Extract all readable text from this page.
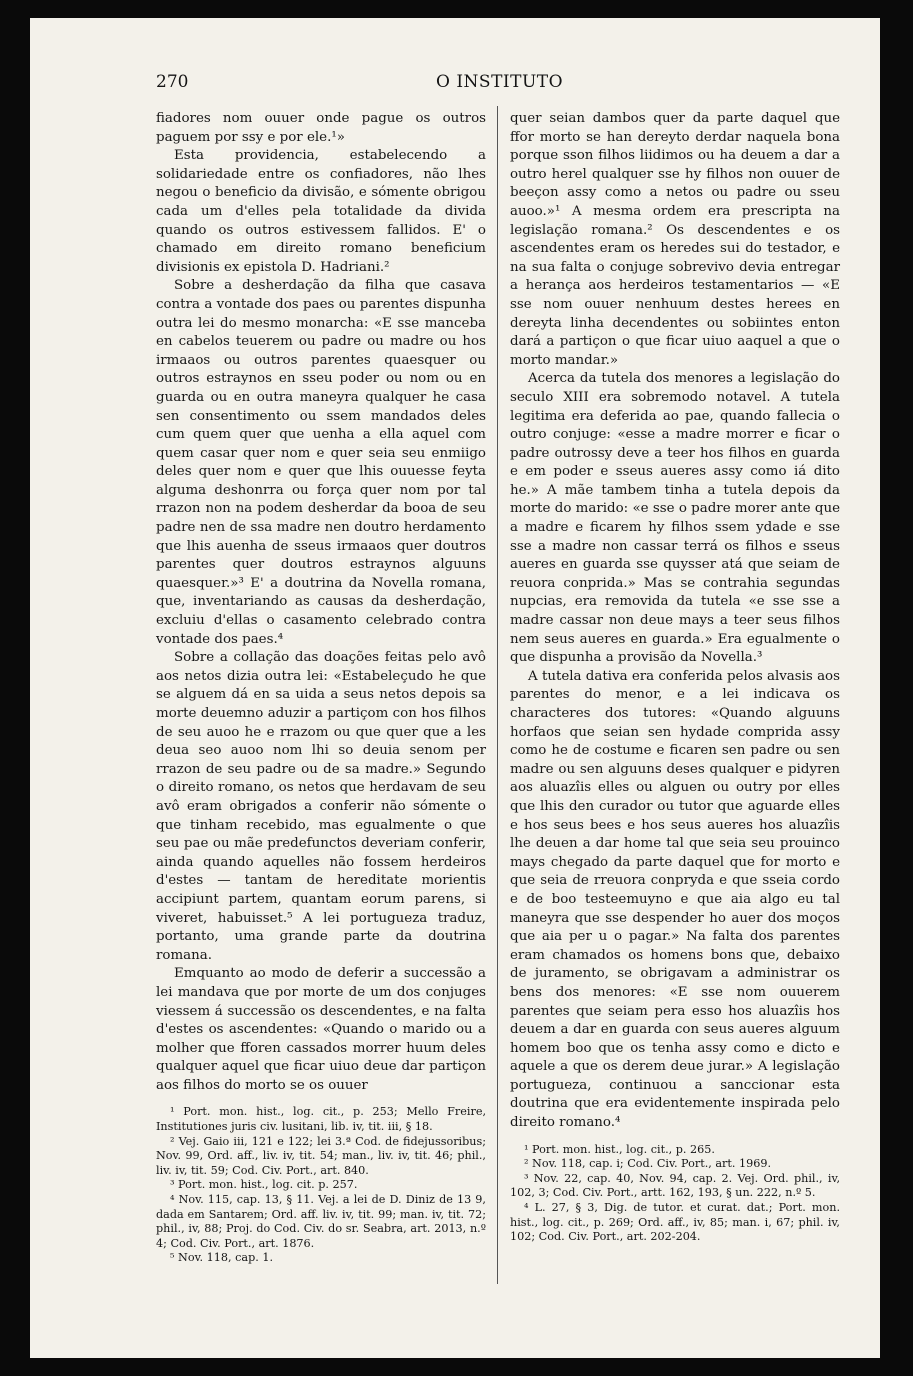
270	O INSTITUTO

fiadores nom ouuer onde pague os outros paguem por ssy e por ele.¹»

Esta providencia, estabelecendo a solidariedade entre os confiadores, não lhes negou o beneficio da divisão, e sómente obrigou cada um d'elles pela totalidade da divida quando os outros estivessem fallidos. E' o chamado em direito romano beneficium divisionis ex epistola D. Hadriani.²

Sobre a desherdação da filha que casava contra a vontade dos paes ou parentes dispunha outra lei do mesmo monarcha: «E sse manceba en cabelos teuerem ou padre ou madre ou hos irmaaos ou outros parentes quaesquer ou outros estraynos en sseu poder ou nom ou en guarda ou en outra maneyra qualquer he casa sen consentimento ou ssem mandados deles cum quem quer que uenha a ella aquel com quem casar quer nom e quer seia seu enmiigo deles quer nom e quer que lhis ouuesse feyta alguma deshonrra ou força quer nom por tal rrazon non na podem desherdar da booa de seu padre nen de ssa madre nen doutro herdamento que lhis auenha de sseus irmaaos quer doutros parentes quer doutros estraynos alguuns quaesquer.»³ E' a doutrina da Novella romana, que, inventariando as causas da desherdação, excluiu d'ellas o casamento celebrado contra vontade dos paes.⁴

Sobre a collação das doações feitas pelo avô aos netos dizia outra lei: «Estabeleçudo he que se alguem dá en sa uida a seus netos depois sa morte deuemno aduzir a partiçom con hos filhos de seu auoo he e rrazom ou que quer que a les deua seo auoo nom lhi so deuia senom per rrazon de seu padre ou de sa madre.» Segundo o direito romano, os netos que herdavam de seu avô eram obrigados a conferir não sómente o que tinham recebido, mas egualmente o que seu pae ou mãe predefunctos deveriam conferir, ainda quando aquelles não fossem herdeiros d'estes — tantam de hereditate morientis accipiunt partem, quantam eorum parens, si viveret, habuisset.⁵ A lei portugueza traduz, portanto, uma grande parte da doutrina romana.

Emquanto ao modo de deferir a successão a lei mandava que por morte de um dos conjuges viessem á successão os descendentes, e na falta d'estes os ascendentes: «Quando o marido ou a molher que fforen cassados morrer huum deles qualquer aquel que ficar uiuo deue dar partiçon aos filhos do morto se os ouuer

¹ Port. mon. hist., log. cit., p. 253; Mello Freire, Institutiones juris civ. lusitani, lib. iv, tit. iii, § 18.

² Vej. Gaio iii, 121 e 122; lei 3.ª Cod. de fidejussoribus; Nov. 99, Ord. aff., liv. iv, tit. 54; man., liv. iv, tit. 46; phil., liv. iv, tit. 59; Cod. Civ. Port., art. 840.

³ Port. mon. hist., log. cit. p. 257.

⁴ Nov. 115, cap. 13, § 11. Vej. a lei de D. Diniz de 13 9, dada em Santarem; Ord. aff. liv. iv, tit. 99; man. iv, tit. 72; phil., iv, 88; Proj. do Cod. Civ. do sr. Seabra, art. 2013, n.º 4; Cod. Civ. Port., art. 1876.

⁵ Nov. 118, cap. 1.

quer seian dambos quer da parte daquel que ffor morto se han dereyto derdar naquela bona porque sson filhos liidimos ou ha deuem a dar a outro herel qualquer sse hy filhos non ouuer de beeçon assy como a netos ou padre ou sseu auoo.»¹ A mesma ordem era prescripta na legislação romana.² Os descendentes e os ascendentes eram os heredes sui do testador, e na sua falta o conjuge sobrevivo devia entregar a herança aos herdeiros testamentarios — «E sse nom ouuer nenhuum destes herees en dereyta linha decendentes ou sobiintes enton dará a partiçon o que ficar uiuo aaquel a que o morto mandar.»

Acerca da tutela dos menores a legislação do seculo XIII era sobremodo notavel. A tutela legitima era deferida ao pae, quando fallecia o outro conjuge: «esse a madre morrer e ficar o padre outrossy deve a teer hos filhos en guarda e em poder e sseus aueres assy como iá dito he.» A mãe tambem tinha a tutela depois da morte do marido: «e sse o padre morer ante que a madre e ficarem hy filhos ssem ydade e sse sse a madre non cassar terrá os filhos e sseus aueres en guarda sse quysser atá que seiam de reuora conprida.» Mas se contrahia segundas nupcias, era removida da tutela «e sse sse a madre cassar non deue mays a teer seus filhos nem seus aueres en guarda.» Era egualmente o que dispunha a provisão da Novella.³

A tutela dativa era conferida pelos alvasis aos parentes do menor, e a lei indicava os characteres dos tutores: «Quando alguuns horfaos que seian sen hydade comprida assy como he de costume e ficaren sen padre ou sen madre ou sen alguuns deses qualquer e pidyren aos aluazîis elles ou alguen ou outry por elles que lhis den curador ou tutor que aguarde elles e hos seus bees e hos seus aueres hos aluazîis lhe deuen a dar home tal que seia seu prouinco mays chegado da parte daquel que for morto e que seia de rreuora conpryda e que sseia cordo e de boo testeemuyno e que aia algo eu tal maneyra que sse despender ho auer dos moços que aia per u o pagar.» Na falta dos parentes eram chamados os homens bons que, debaixo de juramento, se obrigavam a administrar os bens dos menores: «E sse nom ouuerem parentes que seiam pera esso hos aluazîis hos deuem a dar en guarda con seus aueres alguum homem boo que os tenha assy como e dicto e aquele a que os derem deue jurar.» A legislação portugueza, continuou a sanccionar esta doutrina que era evidentemente inspirada pelo direito romano.⁴

¹ Port. mon. hist., log. cit., p. 265.

² Nov. 118, cap. i; Cod. Civ. Port., art. 1969.

³ Nov. 22, cap. 40, Nov. 94, cap. 2. Vej. Ord. phil., iv, 102, 3; Cod. Civ. Port., artt. 162, 193, § un. 222, n.º 5.

⁴ L. 27, § 3, Dig. de tutor. et curat. dat.; Port. mon. hist., log. cit., p. 269; Ord. aff., iv, 85; man. i, 67; phil. iv, 102; Cod. Civ. Port., art. 202-204.
